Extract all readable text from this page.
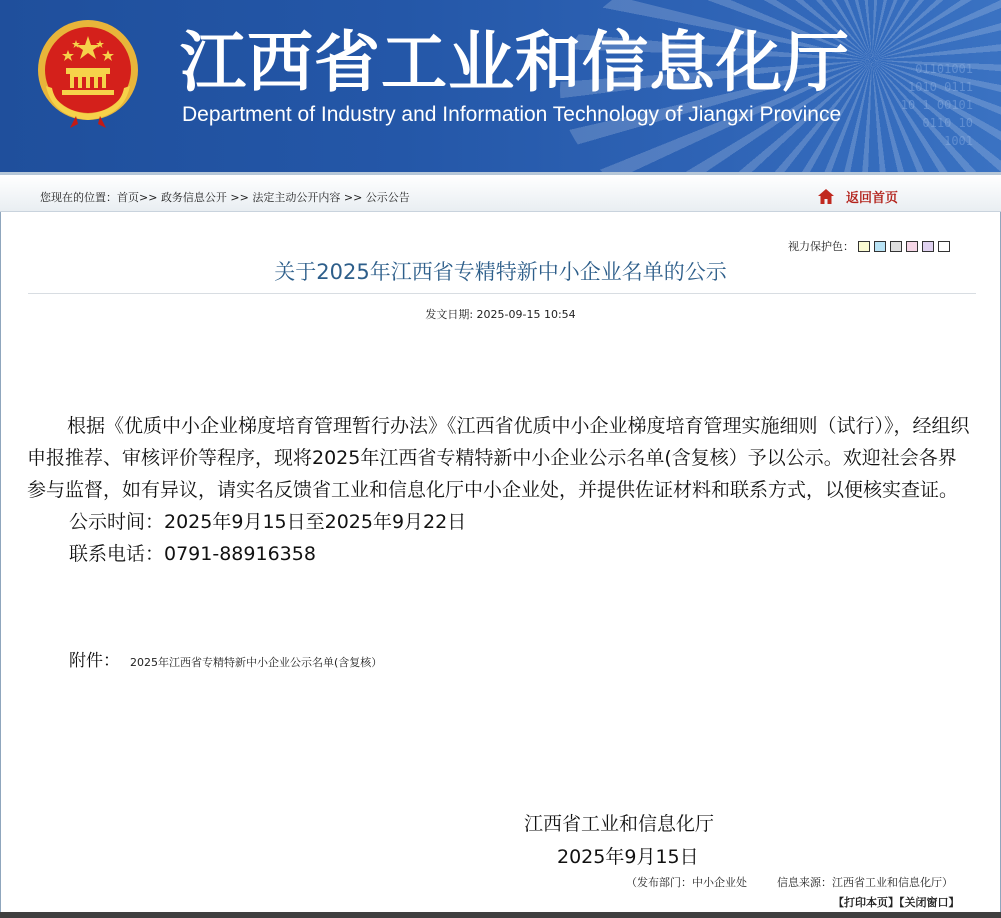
01101001
1010 0111
10 1 00101
0110 10
1001
江西省工业和信息化厅
Department of Industry and Information Technology of Jiangxi Province
您现在的位置：首页>> 政务信息公开 >> 法定主动公开内容 >> 公示公告	返回首页
视力保护色：
关于2025年江西省专精特新中小企业名单的公示
发文日期: 2025-09-15 10:54

根据《优质中小企业梯度培育管理暂行办法》《江西省优质中小企业梯度培育管理实施细则（试行）》，经组织申报推荐、审核评价等程序，现将2025年江西省专精特新中小企业公示名单(含复核）予以公示。欢迎社会各界参与监督，如有异议，请实名反馈省工业和信息化厅中小企业处，并提供佐证材料和联系方式，以便核实查证。

公示时间：2025年9月15日至2025年9月22日

联系电话：0791-88916358

附件： 2025年江西省专精特新中小企业公示名单(含复核）
江西省工业和信息化厅
2025年9月15日
（发布部门：中小企业处	信息来源：江西省工业和信息化厅）
【打印本页】【关闭窗口】
